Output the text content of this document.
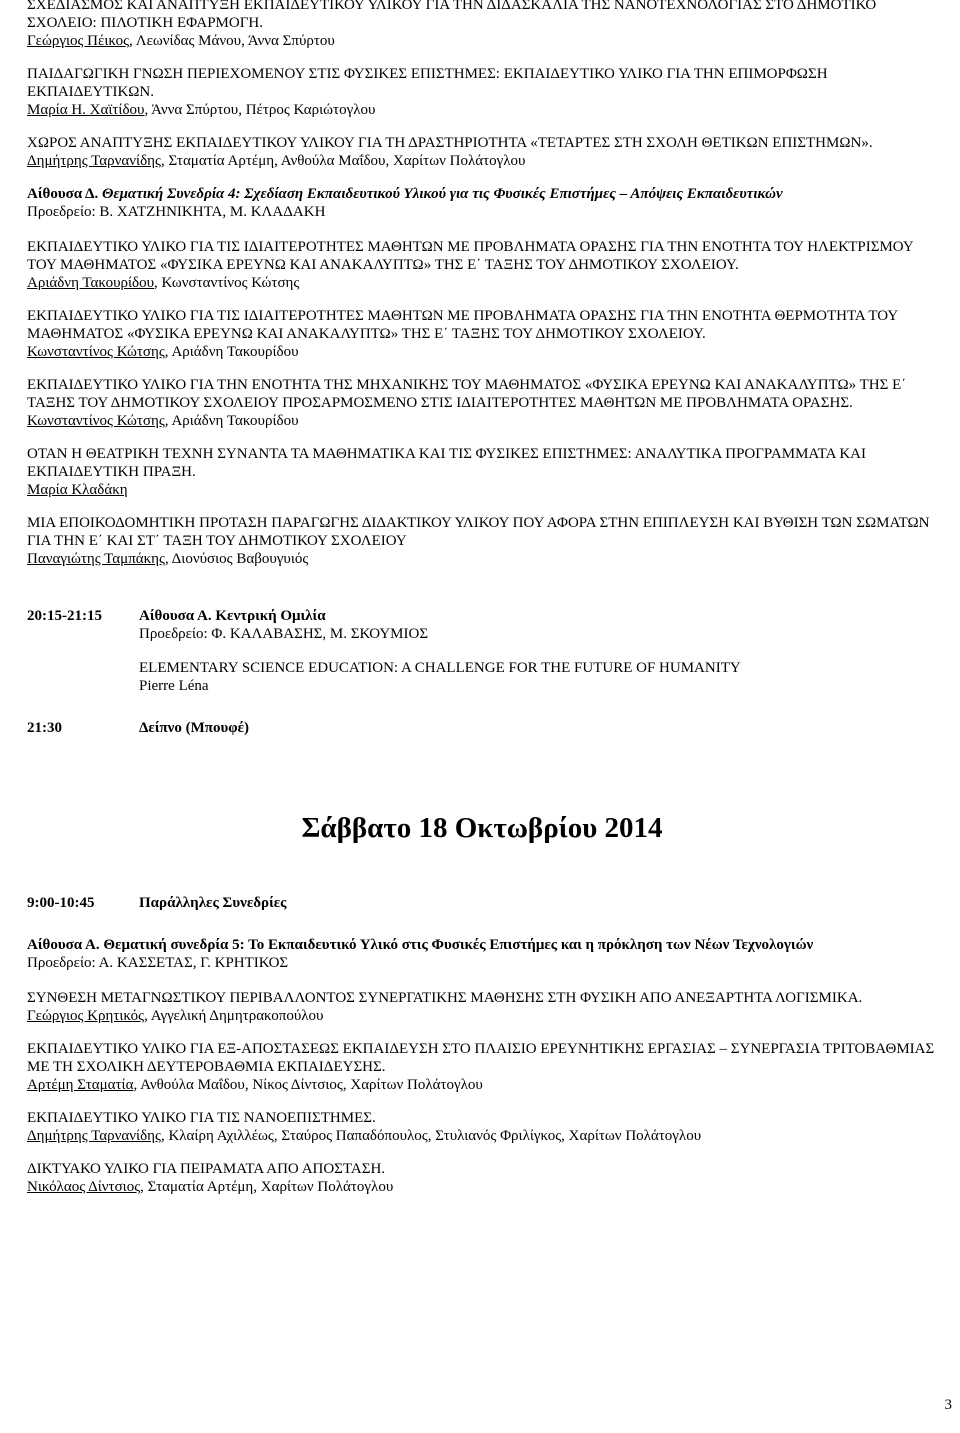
ΣΧΕΔΙΑΣΜΟΣ ΚΑΙ ΑΝΑΠΤΥΞΗ ΕΚΠΑΙΔΕΥΤΙΚΟΥ ΥΛΙΚΟΥ ΓΙΑ ΤΗΝ ΔΙΔΑΣΚΑΛΙΑ ΤΗΣ ΝΑΝΟΤΕΧΝΟΛΟΓΙΑΣ ΣΤΟ ΔΗΜΟΤΙΚΟ ΣΧΟΛΕΙΟ: ΠΙΛΟΤΙΚΗ ΕΦΑΡΜΟΓΗ.
Γεώργιος Πέικος, Λεωνίδας Μάνου, Άννα Σπύρτου
ΠΑΙΔΑΓΩΓΙΚΗ ΓΝΩΣΗ ΠΕΡΙΕΧΟΜΕΝΟΥ ΣΤΙΣ ΦΥΣΙΚΕΣ ΕΠΙΣΤΗΜΕΣ: ΕΚΠΑΙΔΕΥΤΙΚΟ ΥΛΙΚΟ ΓΙΑ ΤΗΝ ΕΠΙΜΟΡΦΩΣΗ ΕΚΠΑΙΔΕΥΤΙΚΩΝ.
Μαρία Η. Χαϊτίδου, Άννα Σπύρτου, Πέτρος Καριώτογλου
ΧΩΡΟΣ ΑΝΑΠΤΥΞΗΣ ΕΚΠΑΙΔΕΥΤΙΚΟΥ ΥΛΙΚΟΥ ΓΙΑ ΤΗ ΔΡΑΣΤΗΡΙΟΤΗΤΑ «ΤΕΤΑΡΤΕΣ ΣΤΗ ΣΧΟΛΗ ΘΕΤΙΚΩΝ ΕΠΙΣΤΗΜΩΝ».
Δημήτρης Ταρνανίδης, Σταματία Αρτέμη, Ανθούλα Μαΐδου, Χαρίτων Πολάτογλου

Αίθουσα Δ. Θεματική Συνεδρία 4: Σχεδίαση Εκπαιδευτικού Υλικού για τις Φυσικές Επιστήμες – Απόψεις Εκπαιδευτικών

Προεδρείο: Β. ΧΑΤΖΗΝΙΚΗΤΑ, Μ. ΚΛΑΔΑΚΗ

ΕΚΠΑΙΔΕΥΤΙΚΟ ΥΛΙΚΟ ΓΙΑ ΤΙΣ ΙΔΙΑΙΤΕΡΟΤΗΤΕΣ ΜΑΘΗΤΩΝ ΜΕ ΠΡΟΒΛΗΜΑΤΑ ΟΡΑΣΗΣ ΓΙΑ ΤΗΝ ΕΝΟΤΗΤΑ ΤΟΥ ΗΛΕΚΤΡΙΣΜΟΥ ΤΟΥ ΜΑΘΗΜΑΤΟΣ «ΦΥΣΙΚΑ ΕΡΕΥΝΩ ΚΑΙ ΑΝΑΚΑΛΥΠΤΩ» ΤΗΣ Ε΄ ΤΑΞΗΣ ΤΟΥ ΔΗΜΟΤΙΚΟΥ ΣΧΟΛΕΙΟΥ.
Αριάδνη Τακουρίδου, Κωνσταντίνος Κώτσης
ΕΚΠΑΙΔΕΥΤΙΚΟ ΥΛΙΚΟ ΓΙΑ ΤΙΣ ΙΔΙΑΙΤΕΡΟΤΗΤΕΣ ΜΑΘΗΤΩΝ ΜΕ ΠΡΟΒΛΗΜΑΤΑ ΟΡΑΣΗΣ ΓΙΑ ΤΗΝ ΕΝΟΤΗΤΑ ΘΕΡΜΟΤΗΤΑ ΤΟΥ ΜΑΘΗΜΑΤΟΣ «ΦΥΣΙΚΑ ΕΡΕΥΝΩ ΚΑΙ ΑΝΑΚΑΛΥΠΤΩ» ΤΗΣ Ε΄ ΤΑΞΗΣ ΤΟΥ ΔΗΜΟΤΙΚΟΥ ΣΧΟΛΕΙΟΥ.
Κωνσταντίνος Κώτσης, Αριάδνη Τακουρίδου
ΕΚΠΑΙΔΕΥΤΙΚΟ ΥΛΙΚΟ ΓΙΑ ΤΗΝ ΕΝΟΤΗΤΑ ΤΗΣ ΜΗΧΑΝΙΚΗΣ ΤΟΥ ΜΑΘΗΜΑΤΟΣ «ΦΥΣΙΚΑ ΕΡΕΥΝΩ ΚΑΙ ΑΝΑΚΑΛΥΠΤΩ» ΤΗΣ Ε΄ ΤΑΞΗΣ ΤΟΥ ΔΗΜΟΤΙΚΟΥ ΣΧΟΛΕΙΟΥ ΠΡΟΣΑΡΜΟΣΜΕΝΟ ΣΤΙΣ ΙΔΙΑΙΤΕΡΟΤΗΤΕΣ ΜΑΘΗΤΩΝ ΜΕ ΠΡΟΒΛΗΜΑΤΑ ΟΡΑΣΗΣ.
Κωνσταντίνος Κώτσης, Αριάδνη Τακουρίδου
ΟΤΑΝ Η ΘΕΑΤΡΙΚΗ ΤΕΧΝΗ ΣΥΝΑΝΤΑ ΤΑ ΜΑΘΗΜΑΤΙΚΑ ΚΑΙ ΤΙΣ ΦΥΣΙΚΕΣ ΕΠΙΣΤΗΜΕΣ: ΑΝΑΛΥΤΙΚΑ ΠΡΟΓΡΑΜΜΑΤΑ ΚΑΙ ΕΚΠΑΙΔΕΥΤΙΚΗ ΠΡΑΞΗ.
Μαρία Κλαδάκη
ΜΙΑ ΕΠΟΙΚΟΔΟΜΗΤΙΚΗ ΠΡΟΤΑΣΗ ΠΑΡΑΓΩΓΗΣ ΔΙΔΑΚΤΙΚΟΥ ΥΛΙΚΟΥ ΠΟΥ ΑΦΟΡΑ ΣΤΗΝ ΕΠΙΠΛΕΥΣΗ ΚΑΙ ΒΥΘΙΣΗ ΤΩΝ ΣΩΜΑΤΩΝ ΓΙΑ ΤΗΝ Ε΄ ΚΑΙ ΣΤ΄ ΤΑΞΗ ΤΟΥ ΔΗΜΟΤΙΚΟΥ ΣΧΟΛΕΙΟΥ
Παναγιώτης Ταμπάκης, Διονύσιος Βαβουγυιός
20:15-21:15	Αίθουσα Α. Κεντρική Ομιλία

Προεδρείο: Φ. ΚΑΛΑΒΑΣΗΣ, Μ. ΣΚΟΥΜΙΟΣ

ELEMENTARY SCIENCE EDUCATION: A CHALLENGE FOR THE FUTURE OF HUMANITY

Pierre Léna

21:30	Δείπνο (Μπουφέ)
Σάββατο 18 Οκτωβρίου 2014
9:00-10:45	Παράλληλες Συνεδρίες

Αίθουσα Α. Θεματική συνεδρία 5: Το Εκπαιδευτικό Υλικό στις Φυσικές Επιστήμες και η πρόκληση των Νέων Τεχνολογιών

Προεδρείο: Α. ΚΑΣΣΕΤΑΣ, Γ. ΚΡΗΤΙΚΟΣ

ΣΥΝΘΕΣΗ ΜΕΤΑΓΝΩΣΤΙΚΟΥ ΠΕΡΙΒΑΛΛΟΝΤΟΣ ΣΥΝΕΡΓΑΤΙΚΗΣ ΜΑΘΗΣΗΣ ΣΤΗ ΦΥΣΙΚΗ ΑΠΟ ΑΝΕΞΑΡΤΗΤΑ ΛΟΓΙΣΜΙΚΑ.
Γεώργιος Κρητικός, Αγγελική Δημητρακοπούλου
ΕΚΠΑΙΔΕΥΤΙΚΟ ΥΛΙΚΟ ΓΙΑ ΕΞ-ΑΠΟΣΤΑΣΕΩΣ ΕΚΠΑΙΔΕΥΣΗ ΣΤΟ ΠΛΑΙΣΙΟ ΕΡΕΥΝΗΤΙΚΗΣ ΕΡΓΑΣΙΑΣ – ΣΥΝΕΡΓΑΣΙΑ ΤΡΙΤΟΒΑΘΜΙΑΣ ΜΕ ΤΗ ΣΧΟΛΙΚΗ ΔΕΥΤΕΡΟΒΑΘΜΙΑ ΕΚΠΑΙΔΕΥΣΗΣ.
Αρτέμη Σταματία, Ανθούλα Μαΐδου, Νίκος Δίντσιος, Χαρίτων Πολάτογλου
ΕΚΠΑΙΔΕΥΤΙΚΟ ΥΛΙΚΟ ΓΙΑ ΤΙΣ ΝΑΝΟΕΠΙΣΤΗΜΕΣ.
Δημήτρης Ταρνανίδης, Κλαίρη Αχιλλέως, Σταύρος Παπαδόπουλος, Στυλιανός Φριλίγκος, Χαρίτων Πολάτογλου
ΔΙΚΤΥΑΚΟ ΥΛΙΚΟ ΓΙΑ ΠΕΙΡΑΜΑΤΑ ΑΠΟ ΑΠΟΣΤΑΣΗ.
Νικόλαος Δίντσιος, Σταματία Αρτέμη, Χαρίτων Πολάτογλου
3
